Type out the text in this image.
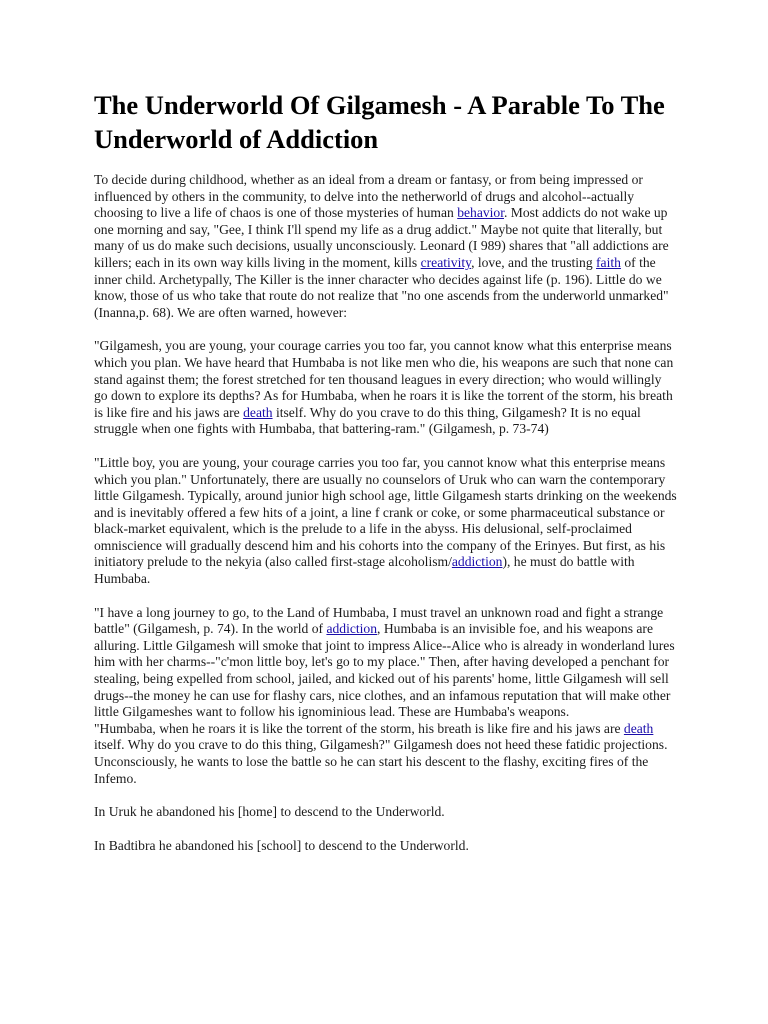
The Underworld Of Gilgamesh - A Parable To The Underworld of Addiction

To decide during childhood, whether as an ideal from a dream or fantasy, or from being impressed or influenced by others in the community, to delve into the netherworld of drugs and alcohol--actually choosing to live a life of chaos is one of those mysteries of human behavior. Most addicts do not wake up one morning and say, "Gee, I think I'll spend my life as a drug addict." Maybe not quite that literally, but many of us do make such decisions, usually unconsciously. Leonard (I 989) shares that "all addictions are killers; each in its own way kills living in the moment, kills creativity, love, and the trusting faith of the inner child. Archetypally, The Killer is the inner character who decides against life (p. 196). Little do we know, those of us who take that route do not realize that "no one ascends from the underworld unmarked" (Inanna,p. 68). We are often warned, however:

"Gilgamesh, you are young, your courage carries you too far, you cannot know what this enterprise means which you plan. We have heard that Humbaba is not like men who die, his weapons are such that none can stand against them; the forest stretched for ten thousand leagues in every direction; who would willingly go down to explore its depths? As for Humbaba, when he roars it is like the torrent of the storm, his breath is like fire and his jaws are death itself. Why do you crave to do this thing, Gilgamesh? It is no equal struggle when one fights with Humbaba, that battering-ram." (Gilgamesh, p. 73-74)

"Little boy, you are young, your courage carries you too far, you cannot know what this enterprise means which you plan." Unfortunately, there are usually no counselors of Uruk who can warn the contemporary little Gilgamesh. Typically, around junior high school age, little Gilgamesh starts drinking on the weekends and is inevitably offered a few hits of a joint, a line f crank or coke, or some pharmaceutical substance or black-market equivalent, which is the prelude to a life in the abyss. His delusional, self-proclaimed omniscience will gradually descend him and his cohorts into the company of the Erinyes. But first, as his initiatory prelude to the nekyia (also called first-stage alcoholism/addiction), he must do battle with Humbaba.

"I have a long journey to go, to the Land of Humbaba, I must travel an unknown road and fight a strange battle" (Gilgamesh, p. 74). In the world of addiction, Humbaba is an invisible foe, and his weapons are alluring. Little Gilgamesh will smoke that joint to impress Alice--Alice who is already in wonderland lures him with her charms--"c'mon little boy, let's go to my place." Then, after having developed a penchant for stealing, being expelled from school, jailed, and kicked out of his parents' home, little Gilgamesh will sell drugs--the money he can use for flashy cars, nice clothes, and an infamous reputation that will make other little Gilgameshes want to follow his ignominious lead. These are Humbaba's weapons.

"Humbaba, when he roars it is like the torrent of the storm, his breath is like fire and his jaws are death itself. Why do you crave to do this thing, Gilgamesh?" Gilgamesh does not heed these fatidic projections. Unconsciously, he wants to lose the battle so he can start his descent to the flashy, exciting fires of the Infemo.

In Uruk he abandoned his [home] to descend to the Underworld.

In Badtibra he abandoned his [school] to descend to the Underworld.
